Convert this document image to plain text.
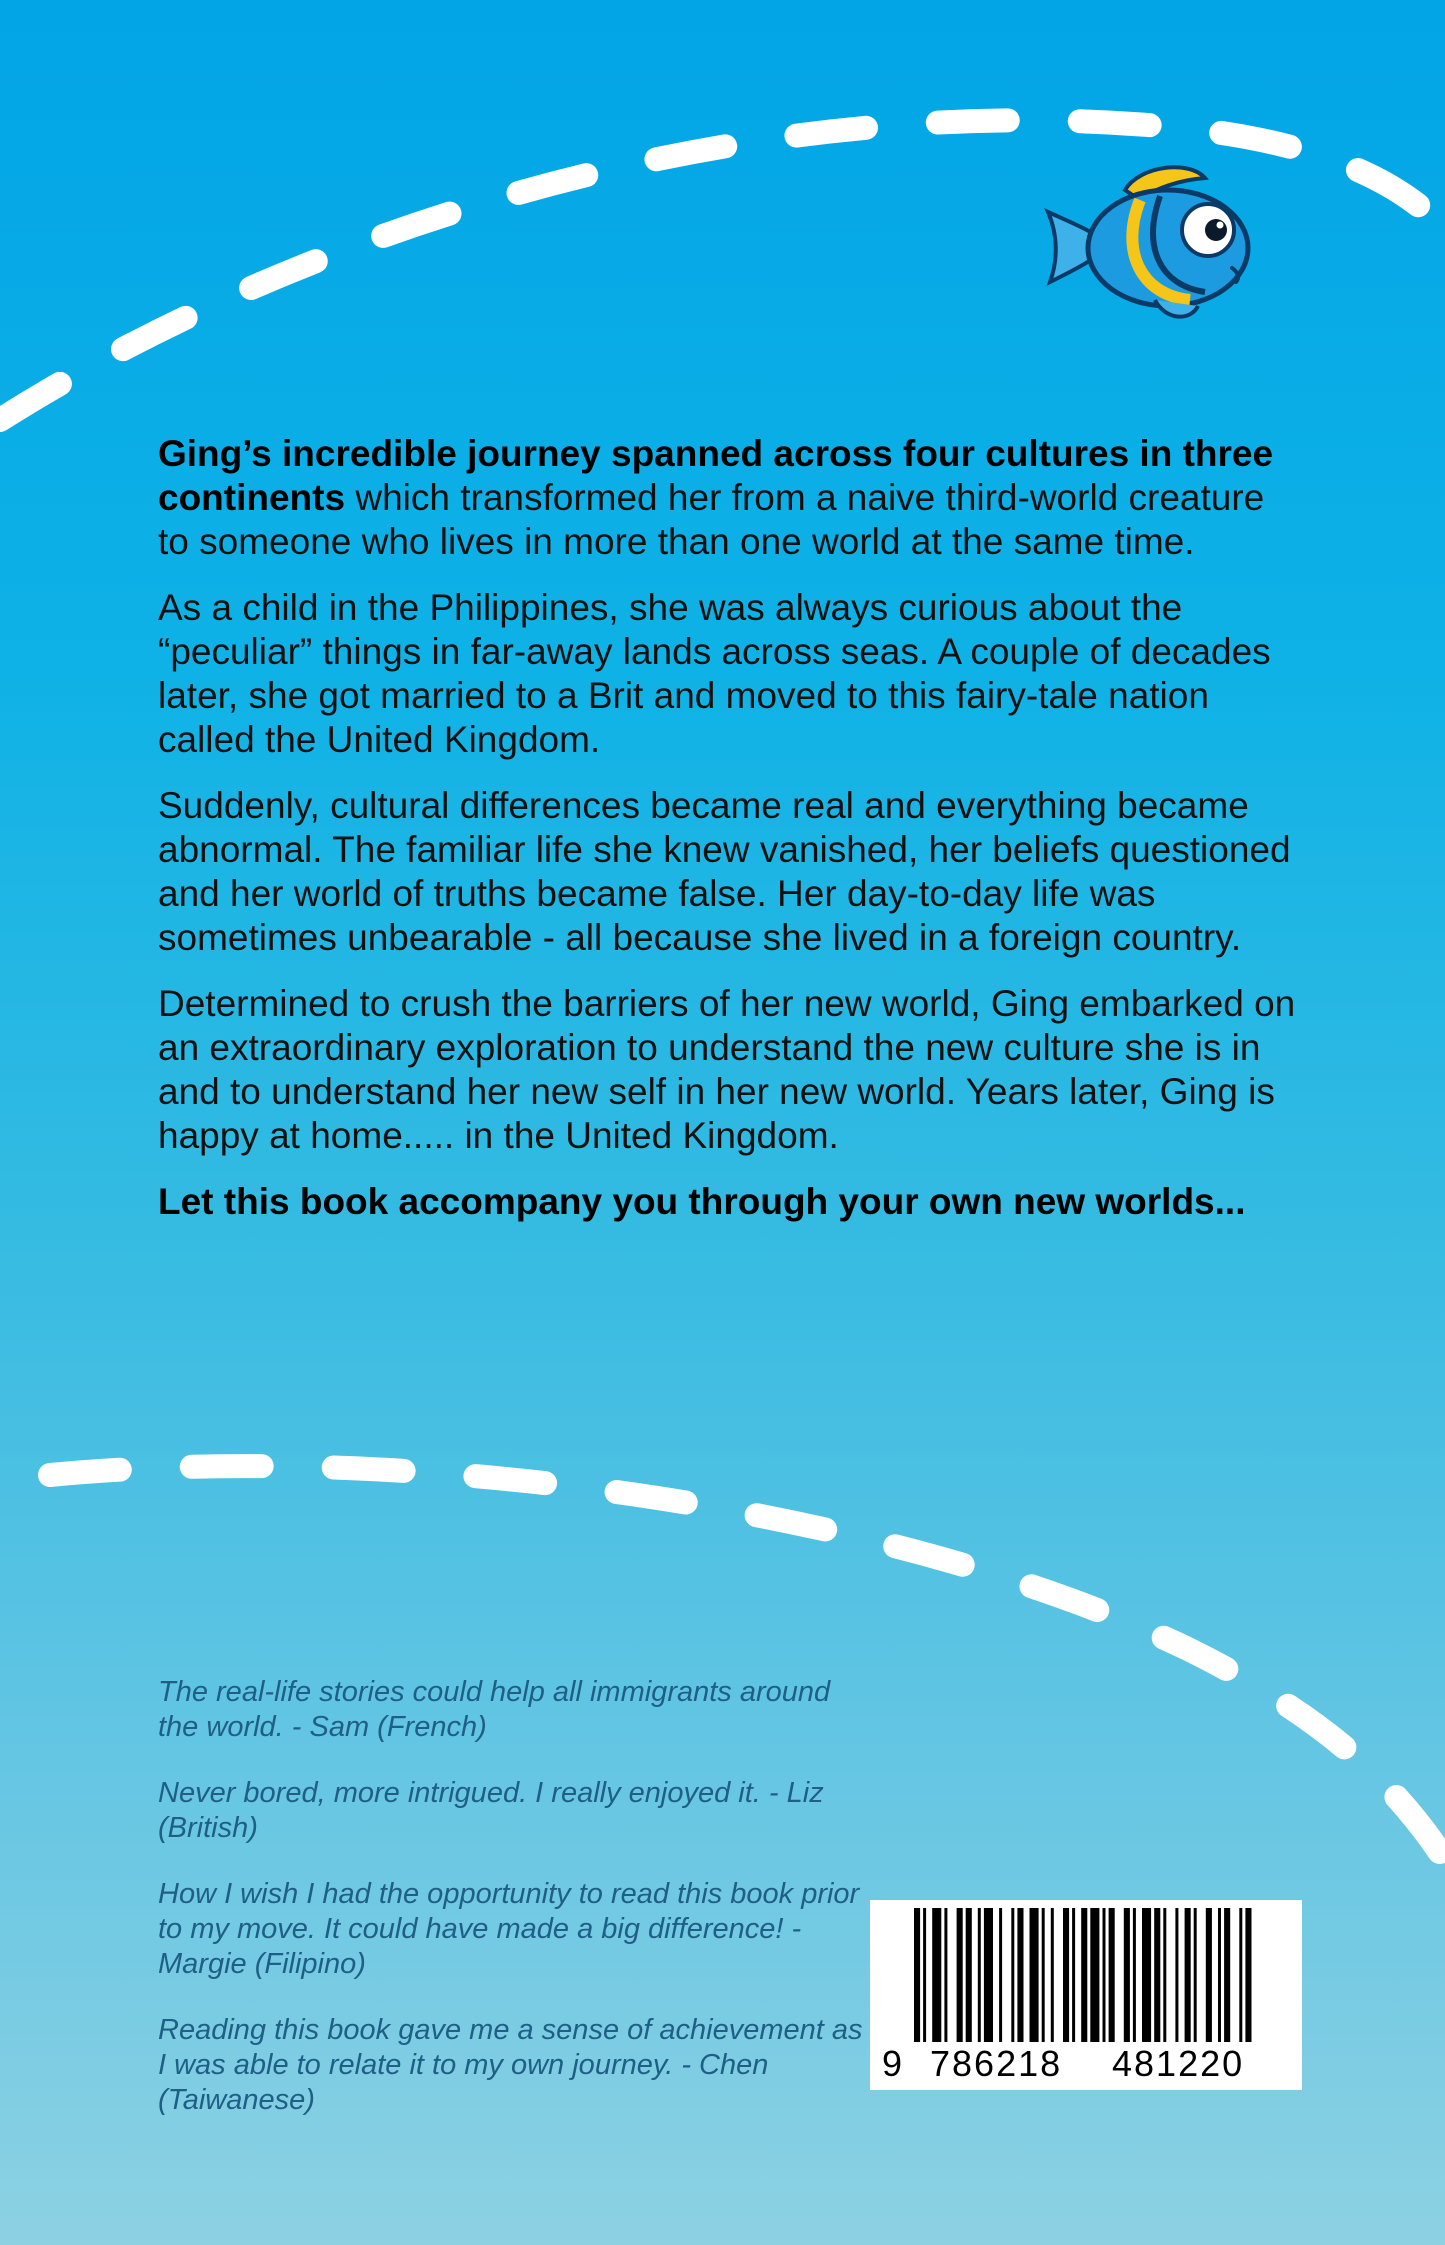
Ging’s incredible journey spanned across four cultures in three continents which transformed her from a naive third-world creature to someone who lives in more than one world at the same time.

As a child in the Philippines, she was always curious about the “peculiar” things in far-away lands across seas. A couple of decades later, she got married to a Brit and moved to this fairy-tale nation called the United Kingdom.

Suddenly, cultural differences became real and everything became abnormal. The familiar life she knew vanished, her beliefs questioned and her world of truths became false. Her day-to-day life was sometimes unbearable - all because she lived in a foreign country.

Determined to crush the barriers of her new world, Ging embarked on an extraordinary exploration to understand the new culture she is in and to understand her new self in her new world. Years later, Ging is happy at home..... in the United Kingdom.

Let this book accompany you through your own new worlds...

The real-life stories could help all immigrants around the world. - Sam (French)

Never bored, more intrigued. I really enjoyed it. - Liz (British)

How I wish I had the opportunity to read this book prior to my move. It could have made a big difference! - Margie (Filipino)

Reading this book gave me a sense of achievement as I was able to relate it to my own journey. - Chen (Taiwanese)

9 786218 481220
